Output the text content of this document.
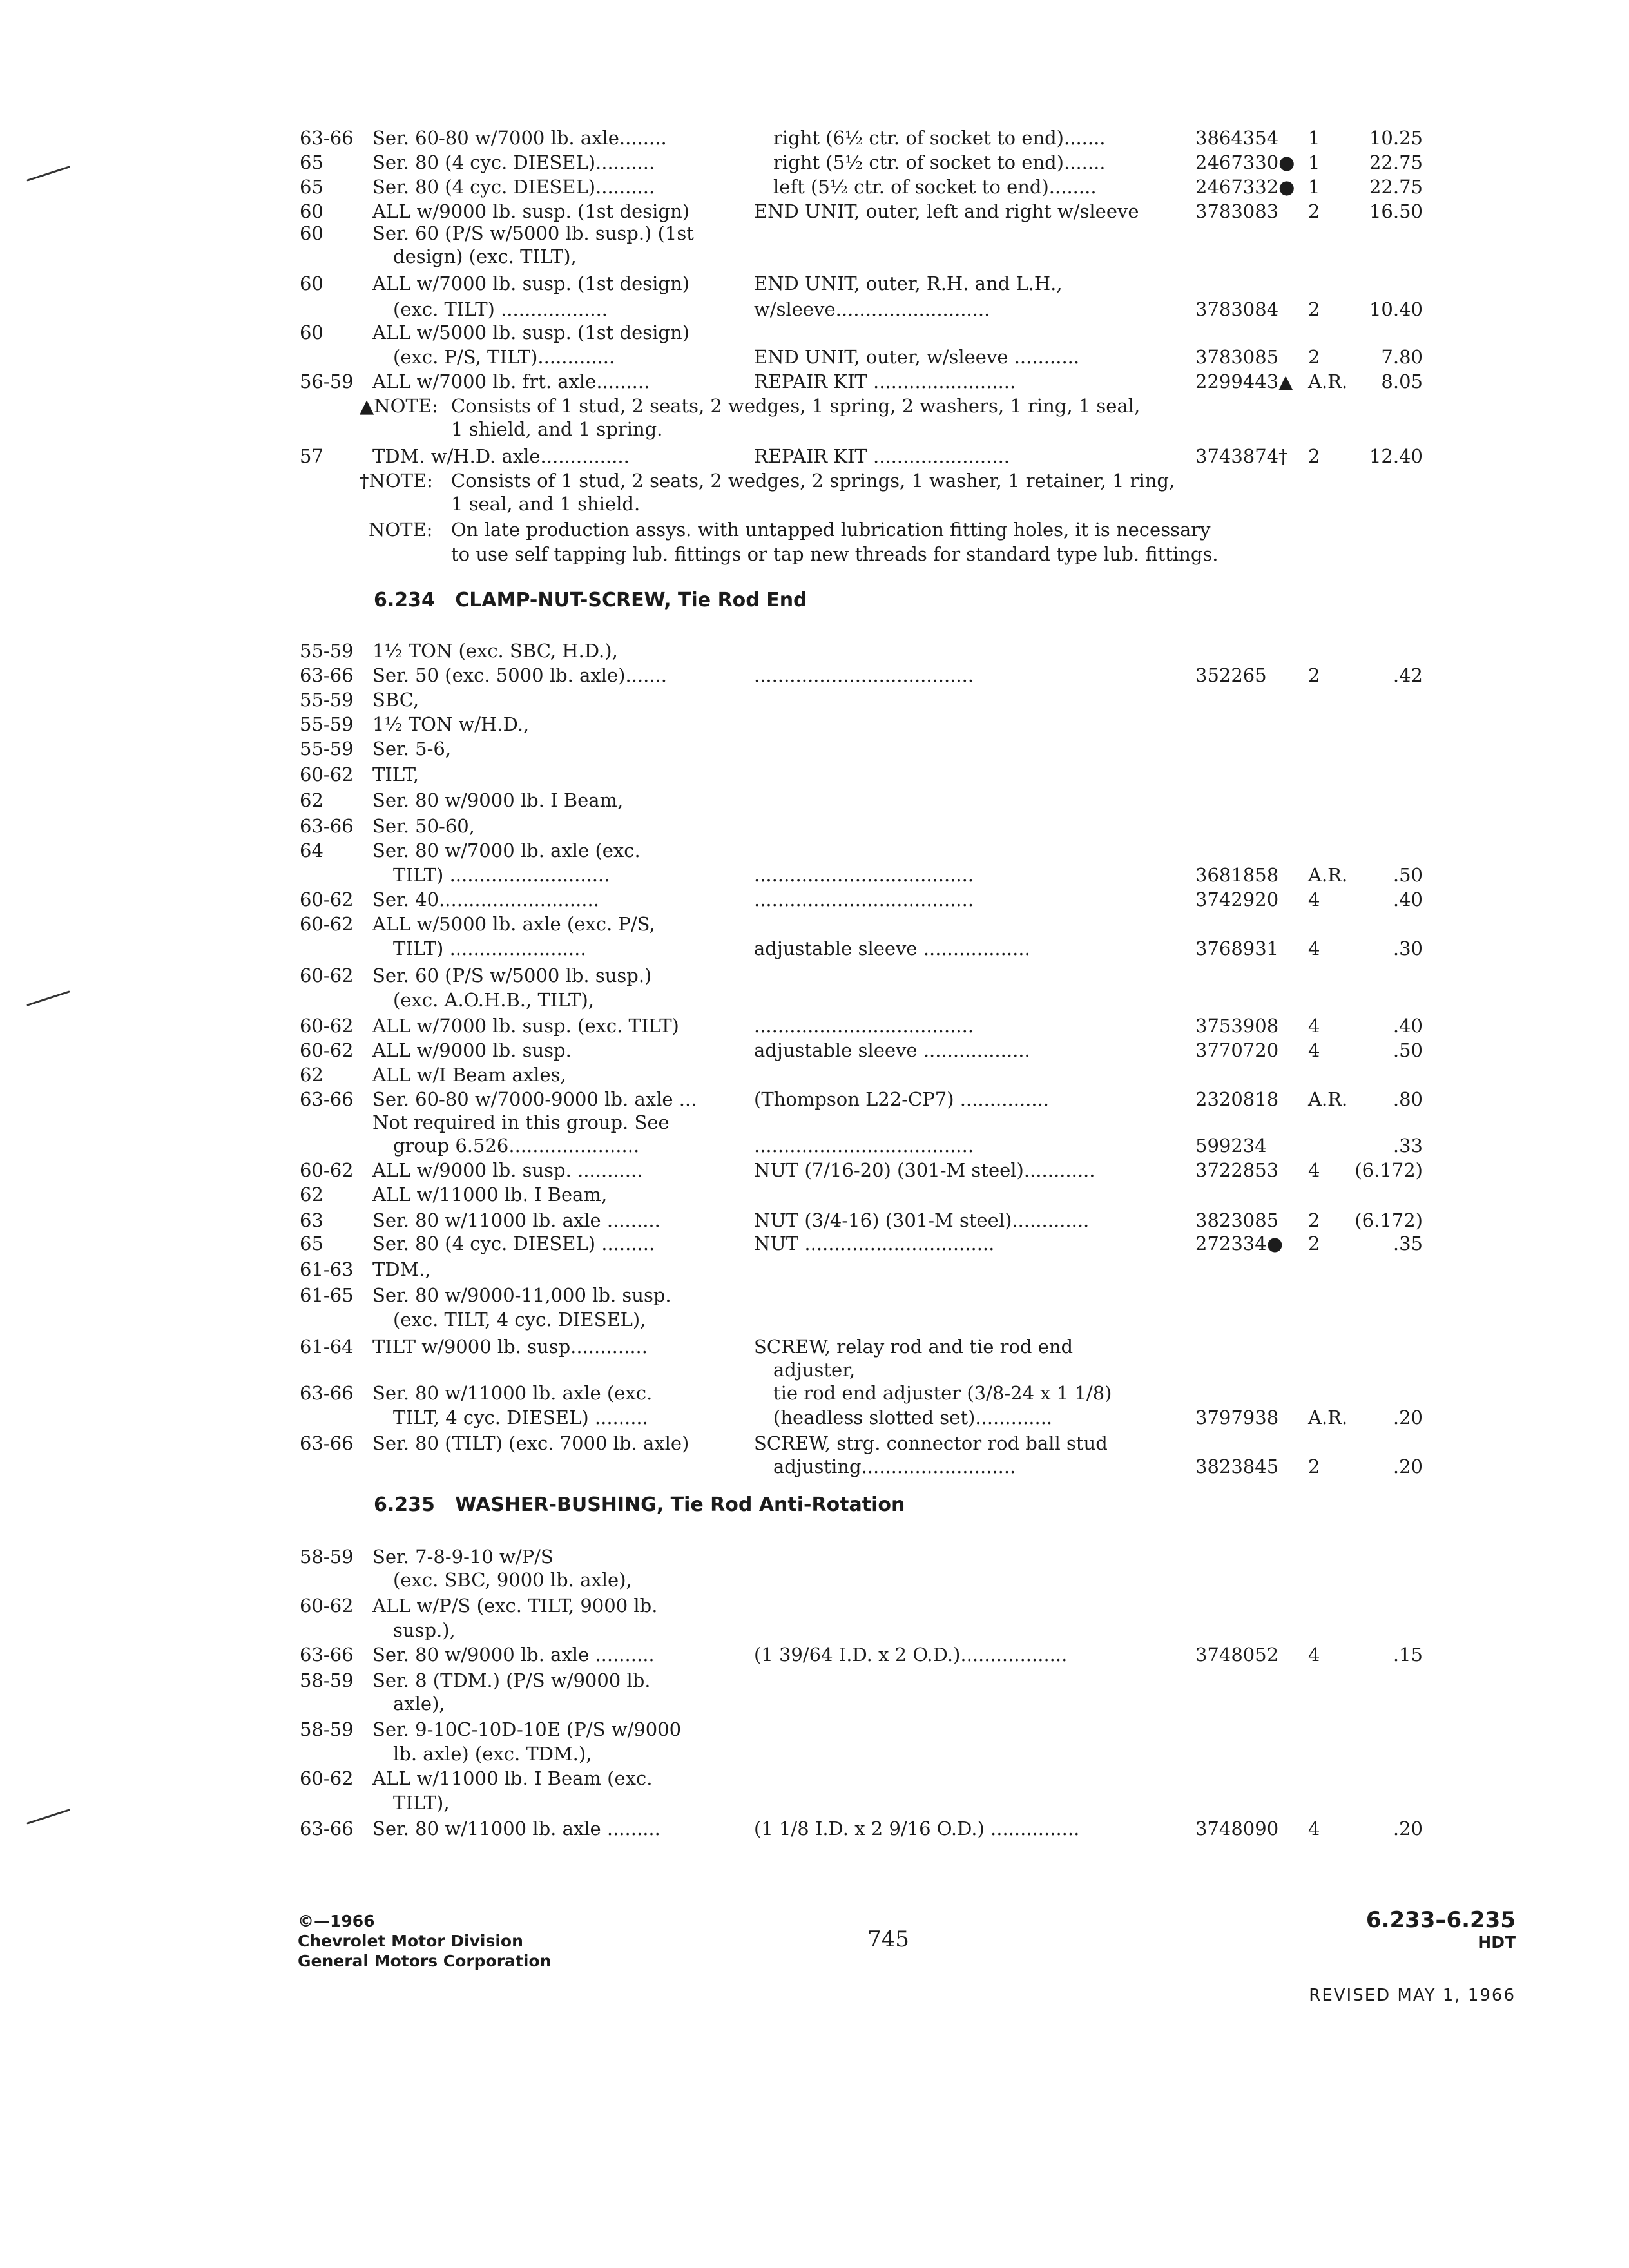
63-66 Ser. 60-80 w/7000 lb. axle........	right (6½ ctr. of socket to end).......	3864354 1	10.25
65	Ser. 80 (4 cyc. DIESEL)..........	right (5½ ctr. of socket to end).......	2467330● 1	22.75
65	Ser. 80 (4 cyc. DIESEL)..........	left (5½ ctr. of socket to end)........	2467332● 1	22.75
60	ALL w/9000 lb. susp. (1st design)	END UNIT, outer, left and right w/sleeve	3783083 2	16.50
60	Ser. 60 (P/S w/5000 lb. susp.) (1st
design) (exc. TILT),
60	ALL w/7000 lb. susp. (1st design)	END UNIT, outer, R.H. and L.H.,
(exc. TILT) ..................	w/sleeve..........................	3783084 2	10.40
60	ALL w/5000 lb. susp. (1st design)
(exc. P/S, TILT).............	END UNIT, outer, w/sleeve ...........	3783085 2	7.80
56-59 ALL w/7000 lb. frt. axle.........	REPAIR KIT ........................	2299443▲ A.R. 8.05
▲NOTE: Consists of 1 stud, 2 seats, 2 wedges, 1 spring, 2 washers, 1 ring, 1 seal,
1 shield, and 1 spring.
57	TDM. w/H.D. axle...............	REPAIR KIT .......................	3743874† 2	12.40
†NOTE: Consists of 1 stud, 2 seats, 2 wedges, 2 springs, 1 washer, 1 retainer, 1 ring,
1 seal, and 1 shield.
NOTE: On late production assys. with untapped lubrication fitting holes, it is necessary
to use self tapping lub. fittings or tap new threads for standard type lub. fittings.
6.234 CLAMP-NUT-SCREW, Tie Rod End
55-59 1½ TON (exc. SBC, H.D.),
63-66 Ser. 50 (exc. 5000 lb. axle).......	.....................................	352265 2	.42
55-59 SBC,
55-59 1½ TON w/H.D.,
55-59 Ser. 5-6,
60-62 TILT,
62	Ser. 80 w/9000 lb. I Beam,
63-66 Ser. 50-60,
64	Ser. 80 w/7000 lb. axle (exc.
TILT) ...........................	.....................................	3681858 A.R. .50
60-62 Ser. 40...........................	.....................................	3742920 4	.40
60-62 ALL w/5000 lb. axle (exc. P/S,
TILT) .......................	adjustable sleeve ..................	3768931 4	.30
60-62 Ser. 60 (P/S w/5000 lb. susp.)
(exc. A.O.H.B., TILT),
60-62 ALL w/7000 lb. susp. (exc. TILT)	.....................................	3753908 4	.40
60-62 ALL w/9000 lb. susp.	adjustable sleeve ..................	3770720 4	.50
62	ALL w/I Beam axles,
63-66 Ser. 60-80 w/7000-9000 lb. axle ...	(Thompson L22-CP7) ...............	2320818 A.R. .80
Not required in this group. See
group 6.526......................	.....................................	599234	.33
60-62 ALL w/9000 lb. susp. ...........	NUT (7/16-20) (301-M steel)............	3722853 4 (6.172)
62	ALL w/11000 lb. I Beam,
63	Ser. 80 w/11000 lb. axle .........	NUT (3/4-16) (301-M steel).............	3823085 2 (6.172)
65	Ser. 80 (4 cyc. DIESEL) .........	NUT ................................	272334● 2	.35
61-63 TDM.,
61-65 Ser. 80 w/9000-11,000 lb. susp.
(exc. TILT, 4 cyc. DIESEL),
61-64 TILT w/9000 lb. susp.............	SCREW, relay rod and tie rod end
adjuster,
63-66 Ser. 80 w/11000 lb. axle (exc.	tie rod end adjuster (3/8-24 x 1 1/8)
TILT, 4 cyc. DIESEL) .........	(headless slotted set).............	3797938 A.R. .20
63-66 Ser. 80 (TILT) (exc. 7000 lb. axle)	SCREW, strg. connector rod ball stud
adjusting..........................	3823845 2	.20
6.235 WASHER-BUSHING, Tie Rod Anti-Rotation
58-59 Ser. 7-8-9-10 w/P/S
(exc. SBC, 9000 lb. axle),
60-62 ALL w/P/S (exc. TILT, 9000 lb.
susp.),
63-66 Ser. 80 w/9000 lb. axle ..........	(1 39/64 I.D. x 2 O.D.)..................	3748052 4	.15
58-59 Ser. 8 (TDM.) (P/S w/9000 lb.
axle),
58-59 Ser. 9-10C-10D-10E (P/S w/9000
lb. axle) (exc. TDM.),
60-62 ALL w/11000 lb. I Beam (exc.
TILT),
63-66 Ser. 80 w/11000 lb. axle .........	(1 1/8 I.D. x 2 9/16 O.D.) ...............	3748090 4	.20
©—1966
Chevrolet Motor Division
General Motors Corporation
745
6.233–6.235
HDT
REVISED MAY 1, 1966
